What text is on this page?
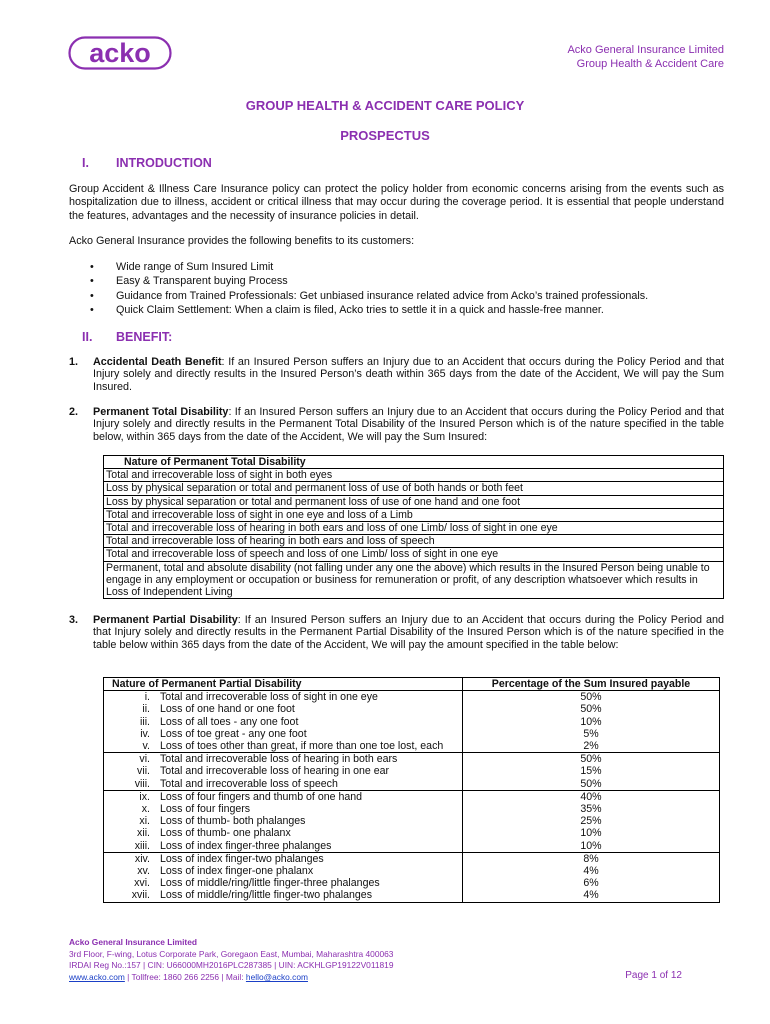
acko	Acko General Insurance Limited
Group Health & Accident Care
GROUP HEALTH & ACCIDENT CARE POLICY
PROSPECTUS
I. INTRODUCTION
Group Accident & Illness Care Insurance policy can protect the policy holder from economic concerns arising from the events such as hospitalization due to illness, accident or critical illness that may occur during the coverage period. It is essential that people understand the features, advantages and the necessity of insurance policies in detail.
Acko General Insurance provides the following benefits to its customers:
• Wide range of Sum Insured Limit
• Easy & Transparent buying Process
• Guidance from Trained Professionals: Get unbiased insurance related advice from Acko’s trained professionals.
• Quick Claim Settlement: When a claim is filed, Acko tries to settle it in a quick and hassle-free manner.
II. BENEFIT:
1. Accidental Death Benefit: If an Insured Person suffers an Injury due to an Accident that occurs during the Policy Period and that Injury solely and directly results in the Insured Person’s death within 365 days from the date of the Accident, We will pay the Sum Insured.
2. Permanent Total Disability: If an Insured Person suffers an Injury due to an Accident that occurs during the Policy Period and that Injury solely and directly results in the Permanent Total Disability of the Insured Person which is of the nature specified in the table below, within 365 days from the date of the Accident, We will pay the Sum Insured:
Nature of Permanent Total Disability
Total and irrecoverable loss of sight in both eyes
Loss by physical separation or total and permanent loss of use of both hands or both feet
Loss by physical separation or total and permanent loss of use of one hand and one foot
Total and irrecoverable loss of sight in one eye and loss of a Limb
Total and irrecoverable loss of hearing in both ears and loss of one Limb/ loss of sight in one eye
Total and irrecoverable loss of hearing in both ears and loss of speech
Total and irrecoverable loss of speech and loss of one Limb/ loss of sight in one eye
Permanent, total and absolute disability (not falling under any one the above) which results in the Insured Person being unable to engage in any employment or occupation or business for remuneration or profit, of any description whatsoever which results in Loss of Independent Living
3. Permanent Partial Disability: If an Insured Person suffers an Injury due to an Accident that occurs during the Policy Period and that Injury solely and directly results in the Permanent Partial Disability of the Insured Person which is of the nature specified in the table below within 365 days from the date of the Accident, We will pay the amount specified in the table below:
Nature of Permanent Partial Disability		Percentage of the Sum Insured payable
i.	Total and irrecoverable loss of sight in one eye	50%
ii.	Loss of one hand or one foot	50%
iii.	Loss of all toes - any one foot	10%
iv.	Loss of toe great - any one foot	5%
v.	Loss of toes other than great, if more than one toe lost, each	2%
vi.	Total and irrecoverable loss of hearing in both ears	50%
vii.	Total and irrecoverable loss of hearing in one ear	15%
viii.	Total and irrecoverable loss of speech	50%
ix.	Loss of four fingers and thumb of one hand	40%
x.	Loss of four fingers	35%
xi.	Loss of thumb- both phalanges	25%
xii.	Loss of thumb- one phalanx	10%
xiii.	Loss of index finger-three phalanges	10%
xiv.	Loss of index finger-two phalanges	8%
xv.	Loss of index finger-one phalanx	4%
xvi.	Loss of middle/ring/little finger-three phalanges	6%
xvii.	Loss of middle/ring/little finger-two phalanges	4%
Acko General Insurance Limited
3rd Floor, F-wing, Lotus Corporate Park, Goregaon East, Mumbai, Maharashtra 400063
IRDAI Reg No.:157 | CIN: U66000MH2016PLC287385 | UIN: ACKHLGP19122V011819
www.acko.com | Tollfree: 1860 266 2256 | Mail: hello@acko.com	Page 1 of 12
